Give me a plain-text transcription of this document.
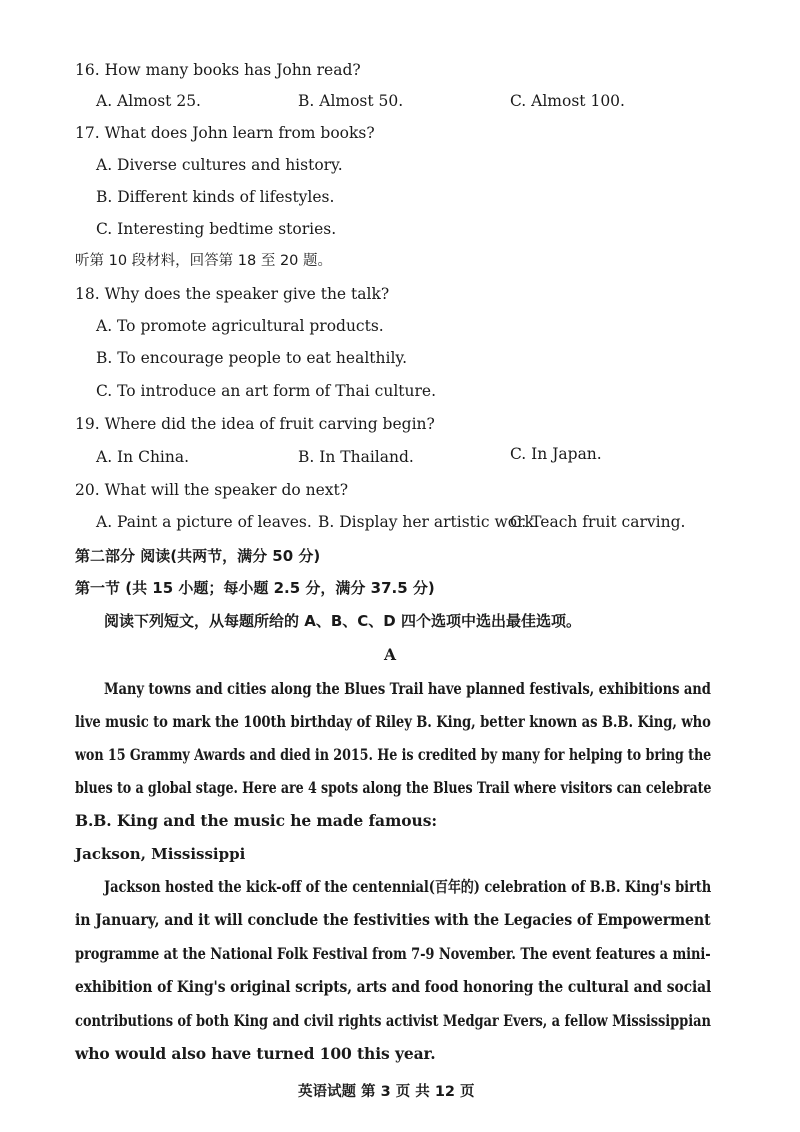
16. How many books has John read?
A. Almost 25.	B. Almost 50.	C. Almost 100.
17. What does John learn from books?
A. Diverse cultures and history.
B. Different kinds of lifestyles.
C. Interesting bedtime stories.
听第 10 段材料，回答第 18 至 20 题。
18. Why does the speaker give the talk?
A. To promote agricultural products.
B. To encourage people to eat healthily.
C. To introduce an art form of Thai culture.
19. Where did the idea of fruit carving begin?
A. In China.	B. In Thailand.	C. In Japan.
20. What will the speaker do next?
A. Paint a picture of leaves. B. Display her artistic work.
C. Teach fruit carving.
第二部分 阅读(共两节，满分 50 分)
第一节 (共 15 小题；每小题 2.5 分，满分 37.5 分)
阅读下列短文，从每题所给的 A、B、C、D 四个选项中选出最佳选项。
A
Many towns and cities along the Blues Trail have planned festivals, exhibitions and
live music to mark the 100th birthday of Riley B. King, better known as B.B. King, who
won 15 Grammy Awards and died in 2015. He is credited by many for helping to bring the
blues to a global stage. Here are 4 spots along the Blues Trail where visitors can celebrate
B.B. King and the music he made famous:
Jackson, Mississippi
Jackson hosted the kick-off of the centennial(百年的) celebration of B.B. King's birth
in January, and it will conclude the festivities with the Legacies of Empowerment
programme at the National Folk Festival from 7-9 November. The event features a mini-
exhibition of King's original scripts, arts and food honoring the cultural and social
contributions of both King and civil rights activist Medgar Evers, a fellow Mississippian
who would also have turned 100 this year.
英语试题 第 3 页 共 12 页
